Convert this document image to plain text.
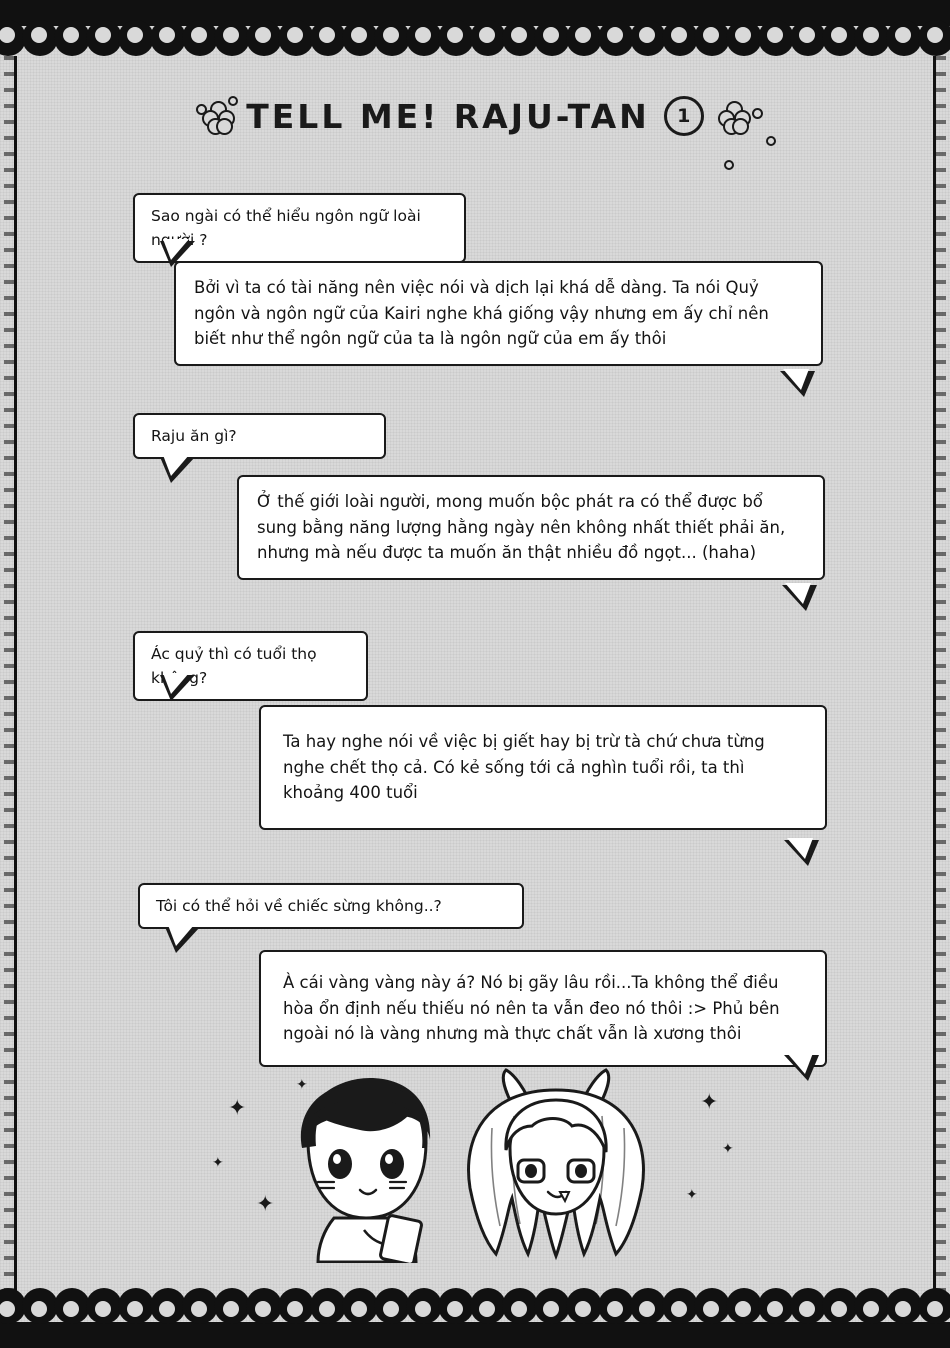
TELL ME! RAJU-TAN	1
Sao ngài có thể hiểu ngôn ngữ loài người ?
Bởi vì ta có tài năng nên việc nói và dịch lại khá dễ dàng. Ta nói Quỷ ngôn và ngôn ngữ của Kairi nghe khá giống vậy nhưng em ấy chỉ nên biết như thể ngôn ngữ của ta là ngôn ngữ của em ấy thôi
Raju ăn gì?
Ở thế giới loài người, mong muốn bộc phát ra có thể được bổ sung bằng năng lượng hằng ngày nên không nhất thiết phải ăn, nhưng mà nếu được ta muốn ăn thật nhiều đồ ngọt... (haha)
Ác quỷ thì có tuổi thọ không?
Ta hay nghe nói về việc bị giết hay bị trừ tà chứ chưa từng nghe chết thọ cả. Có kẻ sống tới cả nghìn tuổi rồi, ta thì khoảng 400 tuổi
Tôi có thể hỏi về chiếc sừng không..?
À cái vàng vàng này á? Nó bị gãy lâu rồi...Ta không thể điều hòa ổn định nếu thiếu nó nên ta vẫn đeo nó thôi :> Phủ bên ngoài nó là vàng nhưng mà thực chất vẫn là xương thôi
✦
✦
✦
✦
✦
✦
✦
